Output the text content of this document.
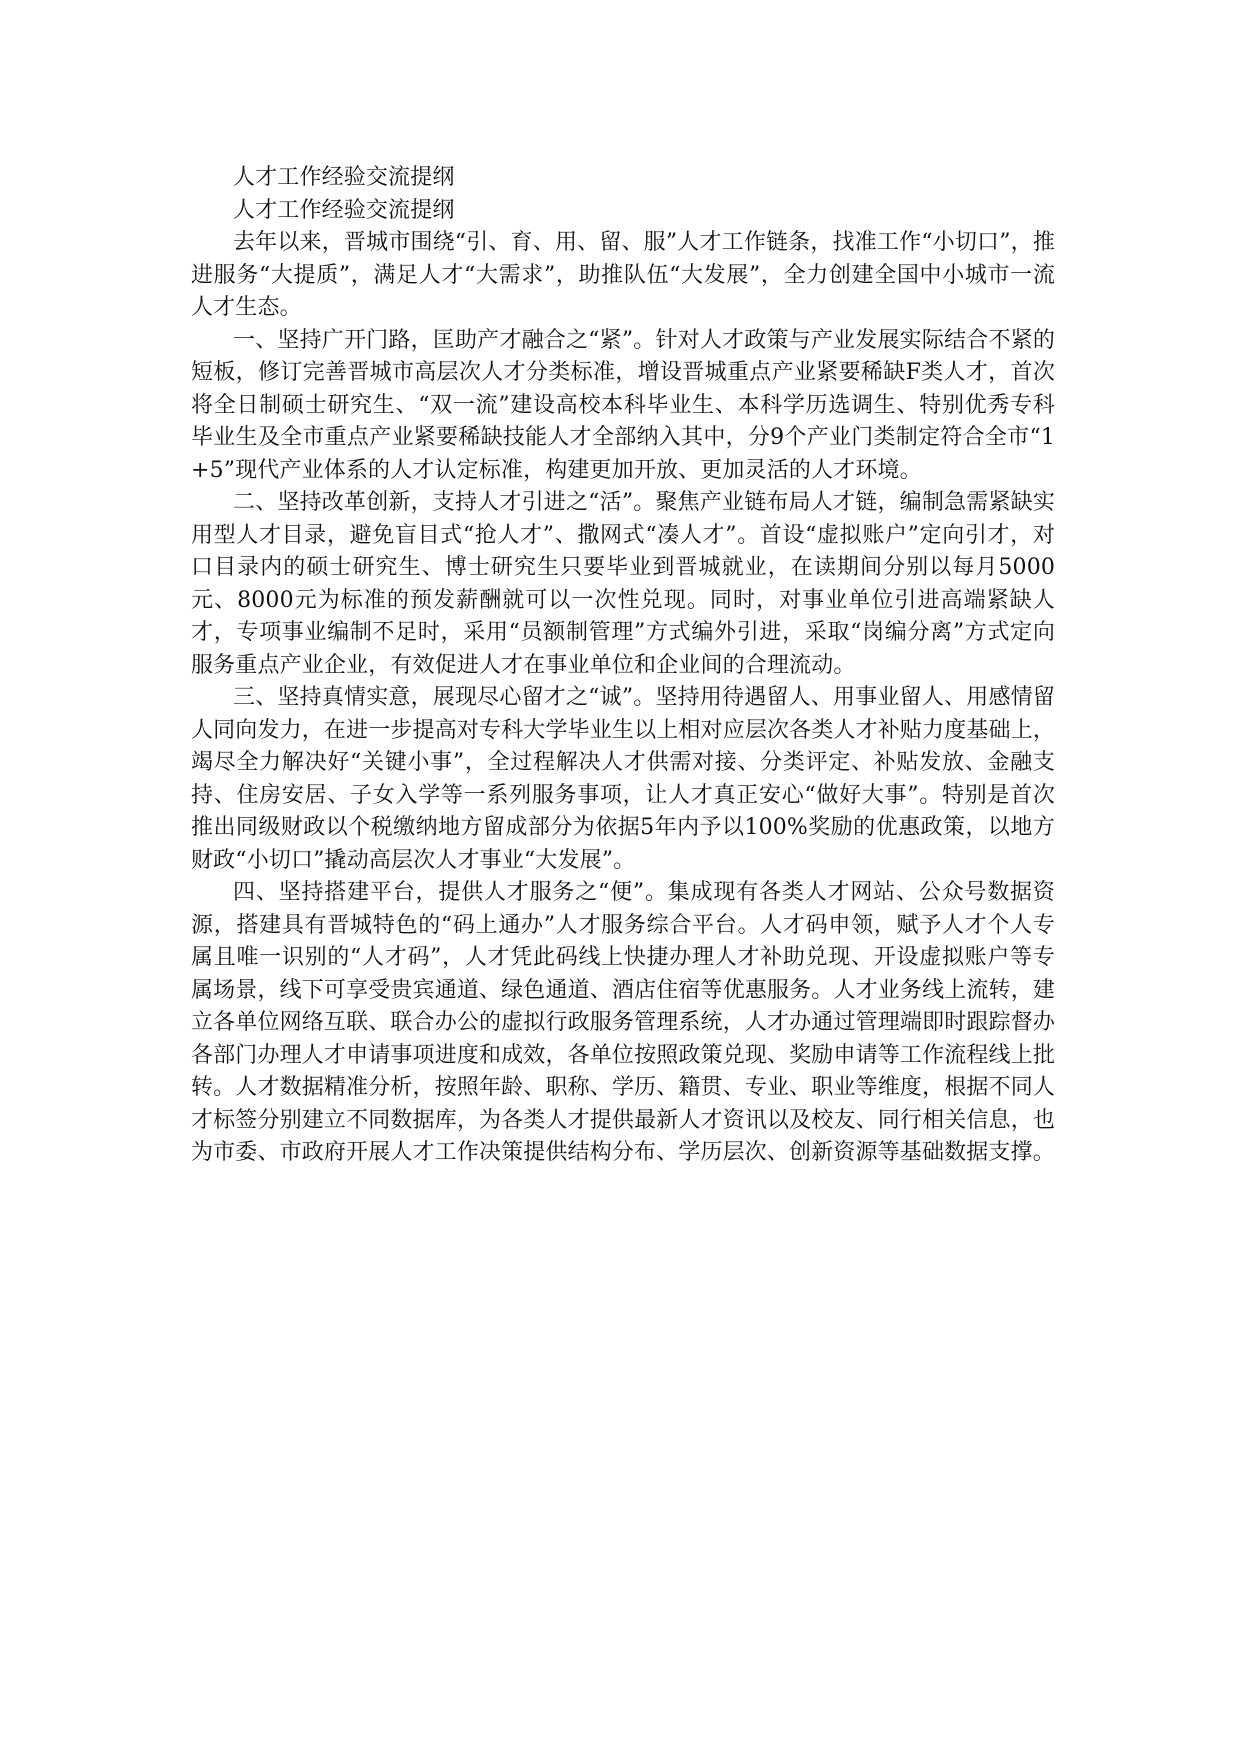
人才工作经验交流提纲

人才工作经验交流提纲

去年以来，晋城市围绕“引、育、用、留、服”人才工作链条，找准工作“小切口”，推进服务“大提质”，满足人才“大需求”，助推队伍“大发展”，全力创建全国中小城市一流人才生态。

一、坚持广开门路，匡助产才融合之“紧”。针对人才政策与产业发展实际结合不紧的短板，修订完善晋城市高层次人才分类标准，增设晋城重点产业紧要稀缺F类人才，首次将全日制硕士研究生、“双一流”建设高校本科毕业生、本科学历选调生、特别优秀专科毕业生及全市重点产业紧要稀缺技能人才全部纳入其中，分9个产业门类制定符合全市“1+5”现代产业体系的人才认定标准，构建更加开放、更加灵活的人才环境。

二、坚持改革创新，支持人才引进之“活”。聚焦产业链布局人才链，编制急需紧缺实用型人才目录，避免盲目式“抢人才”、撒网式“凑人才”。首设“虚拟账户”定向引才，对口目录内的硕士研究生、博士研究生只要毕业到晋城就业，在读期间分别以每月5000元、8000元为标准的预发薪酬就可以一次性兑现。同时，对事业单位引进高端紧缺人才，专项事业编制不足时，采用“员额制管理”方式编外引进，采取“岗编分离”方式定向服务重点产业企业，有效促进人才在事业单位和企业间的合理流动。

三、坚持真情实意，展现尽心留才之“诚”。坚持用待遇留人、用事业留人、用感情留人同向发力，在进一步提高对专科大学毕业生以上相对应层次各类人才补贴力度基础上，竭尽全力解决好“关键小事”，全过程解决人才供需对接、分类评定、补贴发放、金融支持、住房安居、子女入学等一系列服务事项，让人才真正安心“做好大事”。特别是首次推出同级财政以个税缴纳地方留成部分为依据5年内予以100%奖励的优惠政策，以地方财政“小切口”撬动高层次人才事业“大发展”。

四、坚持搭建平台，提供人才服务之“便”。集成现有各类人才网站、公众号数据资源，搭建具有晋城特色的“码上通办”人才服务综合平台。人才码申领，赋予人才个人专属且唯一识别的“人才码”，人才凭此码线上快捷办理人才补助兑现、开设虚拟账户等专属场景，线下可享受贵宾通道、绿色通道、酒店住宿等优惠服务。人才业务线上流转，建立各单位网络互联、联合办公的虚拟行政服务管理系统，人才办通过管理端即时跟踪督办各部门办理人才申请事项进度和成效，各单位按照政策兑现、奖励申请等工作流程线上批转。人才数据精准分析，按照年龄、职称、学历、籍贯、专业、职业等维度，根据不同人才标签分别建立不同数据库，为各类人才提供最新人才资讯以及校友、同行相关信息，也为市委、市政府开展人才工作决策提供结构分布、学历层次、创新资源等基础数据支撑。
